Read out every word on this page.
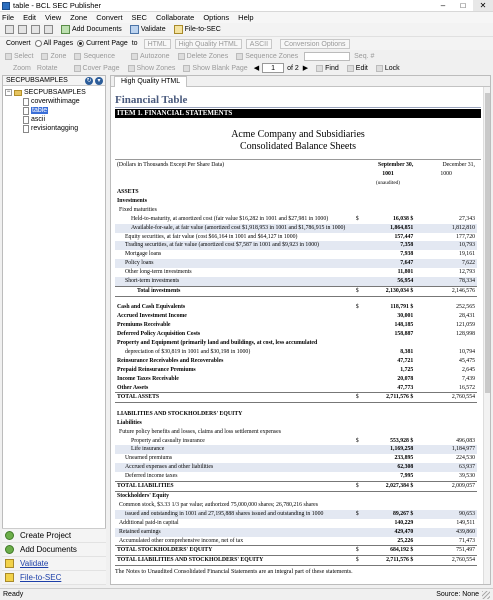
table - BCL SEC Publisher	–	□	✕
File Edit View Zone Convert SEC Collaborate Options Help
Add Documents	Validate	File-to-SEC
Convert All Pages Current Page to	HTML	High Quality HTML	ASCII	Conversion Options
Select Zone Sequence	Autozone Delete Zones Sequence Zones	Seq. #
Zoom Rotate	Cover Page Show Zones Show Blank Page ◀	1	of 2 ▶ Find Edit Lock
SECPUBSAMPLES	↻ ▾
− SECPUBSAMPLES
coverwithimage
table
ascii
revisiontagging
Create Project
Add Documents
Validate
File-to-SEC
High Quality HTML
Financial Table
ITEM 1. FINANCIAL STATEMENTS
Acme Company and Subsidiaries
Consolidated Balance Sheets
(Dollars in Thousands Except Per Share Data)		September 30,	December 31,
		1001	1000
		(unaudited)	
ASSETS			
Investments			
Fixed maturities			
Held-to-maturity, at amortized cost (fair value $16,282 in 1001 and $27,981 in 1000)	$	16,038 $	27,343
Available-for-sale, at fair value (amortized cost $1,918,953 in 1001 and $1,786,915 in 1000)		1,864,851	1,812,810
Equity securities, at fair value (cost $66,164 in 1001 and $64,127 in 1000)		157,447	177,720
Trading securities, at fair value (amortized cost $7,587 in 1001 and $9,923 in 1000)		7,358	10,793
Mortgage loans		7,938	19,161
Policy loans		7,647	7,622
Other long-term investments		11,801	12,793
Short-term investments		56,954	78,334
Total investments	$	2,130,034 $	2,146,576

Cash and Cash Equivalents	$	118,791 $	252,565
Accrued Investment Income		30,001	28,431
Premiums Receivable		148,185	121,059
Deferred Policy Acquisition Costs		158,887	128,998
Property and Equipment (primarily land and buildings, at cost, less accumulated			
depreciation of $30,819 in 1001 and $30,198 in 1000)		8,381	10,794
Reinsurance Receivables and Recoverables		47,721	45,475
Prepaid Reinsurance Premiums		1,725	2,645
Income Taxes Receivable		20,078	7,439
Other Assets		47,773	16,572
TOTAL ASSETS	$	2,711,576 $	2,760,554

LIABILITIES AND STOCKHOLDERS' EQUITY			
Liabilities			
Future policy benefits and losses, claims and loss settlement expenses			
Property and casualty insurance	$	553,928 $	496,083
Life insurance		1,169,258	1,184,977
Unearned premiums		233,895	224,530
Accrued expenses and other liabilities		62,308	63,937
Deferred income taxes		7,995	39,530
TOTAL LIABILITIES	$	2,027,384 $	2,009,057
Stockholders' Equity			
Common stock, $3.33 1/3 par value; authorized 75,000,000 shares; 26,780,216 shares			
issued and outstanding in 1001 and 27,195,888 shares issued and outstanding in 1000	$	89,267 $	90,653
Additional paid-in capital		140,229	149,511
Retained earnings		429,470	439,860
Accumulated other comprehensive income, net of tax		25,226	71,473
TOTAL STOCKHOLDERS' EQUITY	$	684,192 $	751,497
TOTAL LIABILITIES AND STOCKHOLDERS' EQUITY	$	2,711,576 $	2,760,554
The Notes to Unaudited Consolidated Financial Statements are an integral part of these statements.
Ready	Source: None
